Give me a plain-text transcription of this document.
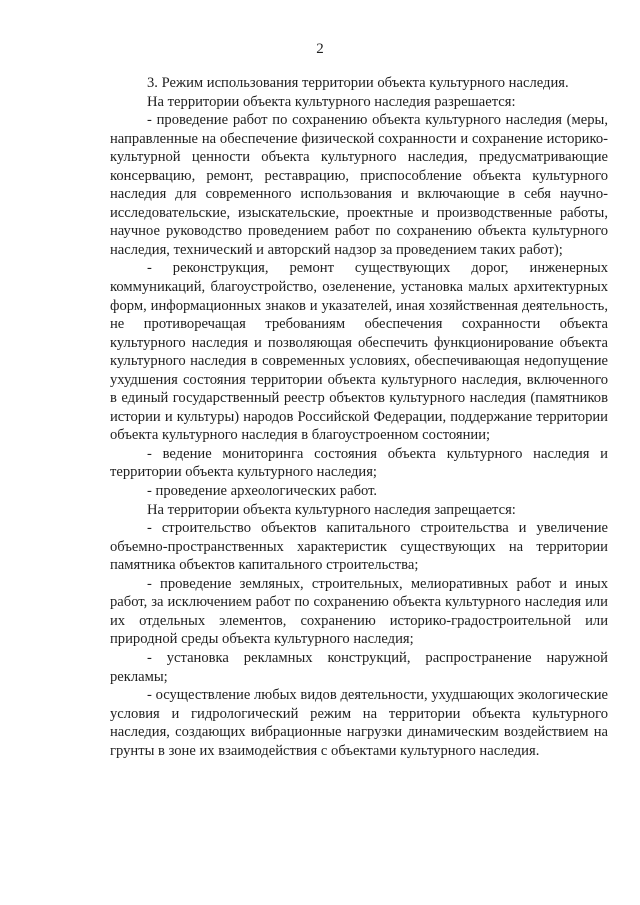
2

3. Режим использования территории объекта культурного наследия.

На территории объекта культурного наследия разрешается:

- проведение работ по сохранению объекта культурного наследия (меры, направленные на обеспечение физической сохранности и сохранение историко-культурной ценности объекта культурного наследия, предусматривающие консервацию, ремонт, реставрацию, приспособление объекта культурного наследия для современного использования и включающие в себя научно-исследовательские, изыскательские, проектные и производственные работы, научное руководство проведением работ по сохранению объекта культурного наследия, технический и авторский надзор за проведением таких работ);

- реконструкция, ремонт существующих дорог, инженерных коммуникаций, благоустройство, озеленение, установка малых архитектурных форм, информационных знаков и указателей, иная хозяйственная деятельность, не противоречащая требованиям обеспечения сохранности объекта культурного наследия и позволяющая обеспечить функционирование объекта культурного наследия в современных условиях, обеспечивающая недопущение ухудшения состояния территории объекта культурного наследия, включенного в единый государственный реестр объектов культурного наследия (памятников истории и культуры) народов Российской Федерации, поддержание территории объекта культурного наследия в благоустроенном состоянии;

- ведение мониторинга состояния объекта культурного наследия и территории объекта культурного наследия;

- проведение археологических работ.

На территории объекта культурного наследия запрещается:

- строительство объектов капитального строительства и увеличение объемно-пространственных характеристик существующих на территории памятника объектов капитального строительства;

- проведение земляных, строительных, мелиоративных работ и иных работ, за исключением работ по сохранению объекта культурного наследия или их отдельных элементов, сохранению историко-градостроительной или природной среды объекта культурного наследия;

- установка рекламных конструкций, распространение наружной рекламы;

- осуществление любых видов деятельности, ухудшающих экологические условия и гидрологический режим на территории объекта культурного наследия, создающих вибрационные нагрузки динамическим воздействием на грунты в зоне их взаимодействия с объектами культурного наследия.
